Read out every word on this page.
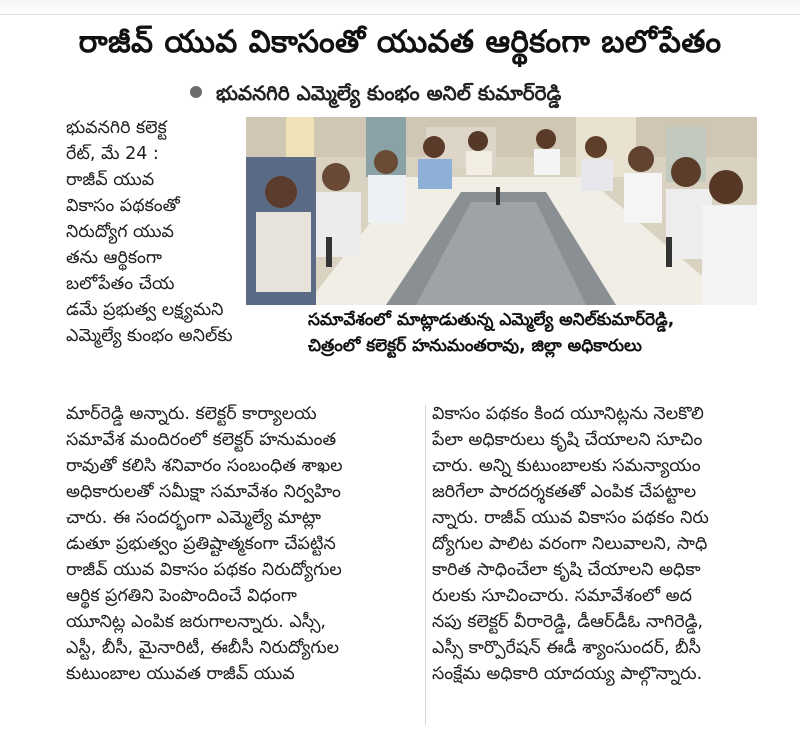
రాజీవ్ యువ వికాసంతో యువత ఆర్థికంగా బలోపేతం
భువనగిరి ఎమ్మెల్యే కుంభం అనిల్ కుమార్‌రెడ్డి
భువనగిరి కలెక్ట
రేట్, మే 24 :
రాజీవ్ యువ
వికాసం పథకంతో
నిరుద్యోగ యువ
తను ఆర్థికంగా
బలోపేతం చేయ
డమే ప్రభుత్వ లక్ష్యమని
ఎమ్మెల్యే కుంభం అనిల్‌కు
సమావేశంలో మాట్లాడుతున్న ఎమ్మెల్యే అనిల్‌కుమార్‌రెడ్డి,
చిత్రంలో కలెక్టర్ హనుమంతరావు, జిల్లా అధికారులు
మార్‌రెడ్డి అన్నారు. కలెక్టర్ కార్యాలయ
సమావేశ మందిరంలో కలెక్టర్ హనుమంత
రావుతో కలిసి శనివారం సంబంధిత శాఖల
అధికారులతో సమీక్షా సమావేశం నిర్వహిం
చారు. ఈ సందర్భంగా ఎమ్మెల్యే మాట్లా
డుతూ ప్రభుత్వం ప్రతిష్టాత్మకంగా చేపట్టిన
రాజీవ్ యువ వికాసం పథకం నిరుద్యోగుల
ఆర్థిక ప్రగతిని పెంపొందించే విధంగా
యూనిట్ల ఎంపిక జరుగాలన్నారు. ఎస్సీ,
ఎస్టీ, బీసీ, మైనారిటీ, ఈబీసీ నిరుద్యోగుల
కుటుంబాల యువత రాజీవ్ యువ
వికాసం పథకం కింద యూనిట్లను నెలకొలి
పేలా అధికారులు కృషి చేయాలని సూచిం
చారు. అన్ని కుటుంబాలకు సమన్యాయం
జరిగేలా పారదర్శకతతో ఎంపిక చేపట్టాల
న్నారు. రాజీవ్ యువ వికాసం పథకం నిరు
ద్యోగుల పాలిట వరంగా నిలువాలని, సాధి
కారిత సాధించేలా కృషి చేయాలని అధికా
రులకు సూచించారు. సమావేశంలో అద
నపు కలెక్టర్ వీరారెడ్డి, డీఆర్‌డీఓ నాగిరెడ్డి,
ఎస్సీ కార్పొరేషన్ ఈడీ శ్యాంసుందర్, బీసీ
సంక్షేమ అధికారి యాదయ్య పాల్గొన్నారు.
